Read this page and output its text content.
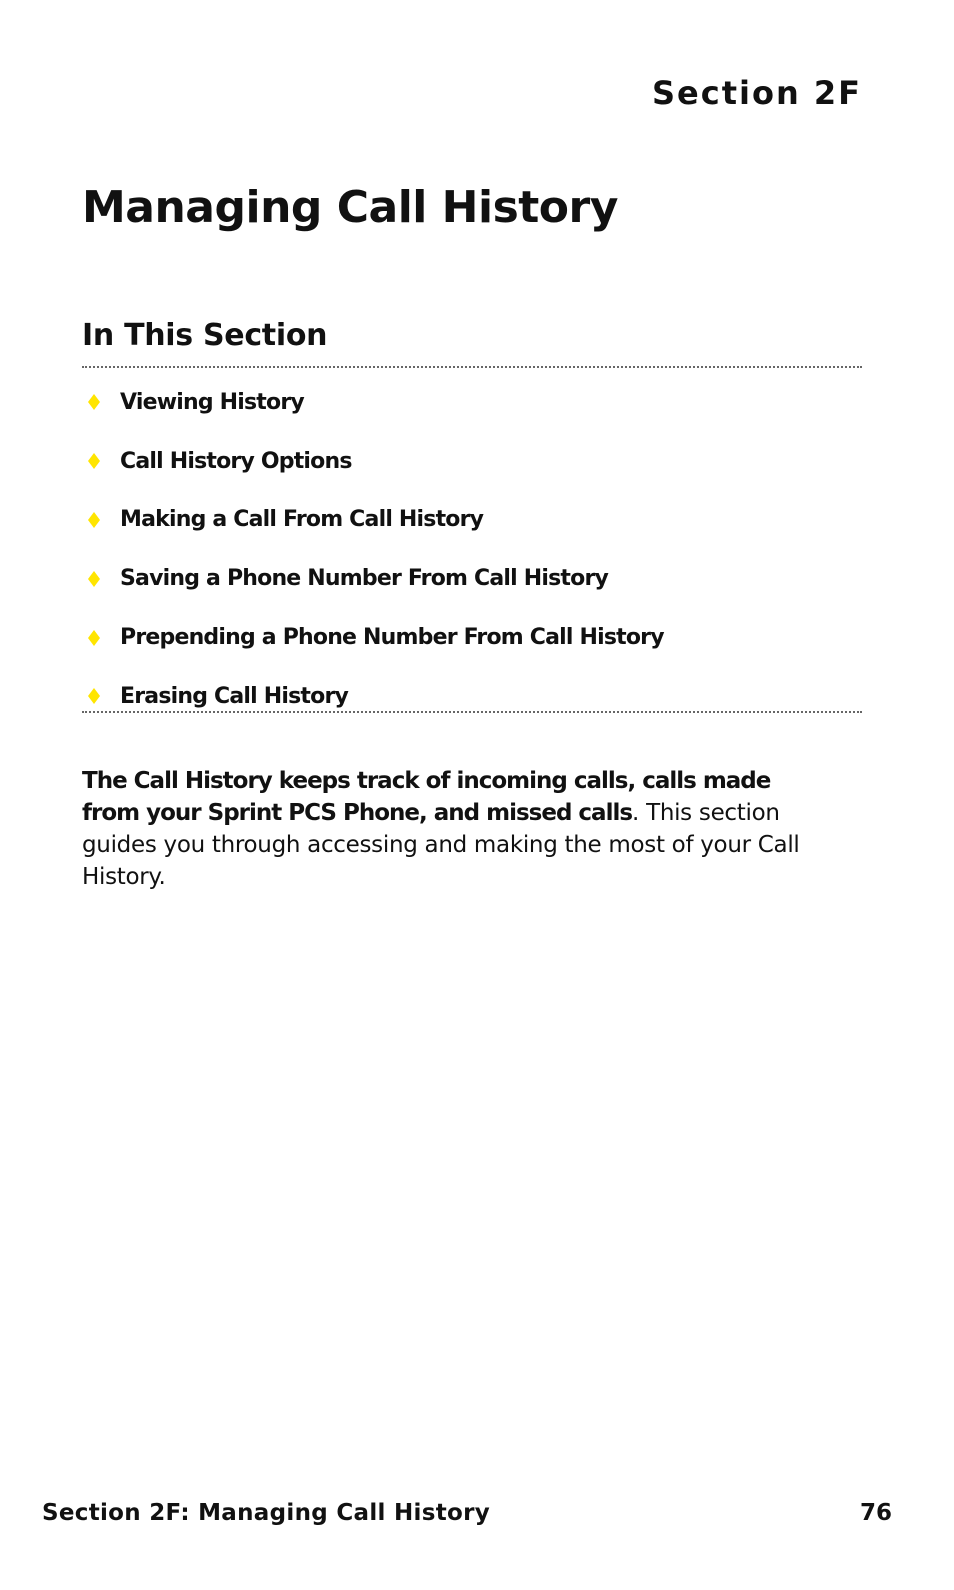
Section 2F

Managing Call History
In This Section
Viewing History
Call History Options
Making a Call From Call History
Saving a Phone Number From Call History
Prepending a Phone Number From Call History
Erasing Call History

The Call History keeps track of incoming calls, calls made from your Sprint PCS Phone, and missed calls. This section guides you through accessing and making the most of your Call History.

Section 2F: Managing Call History	76
